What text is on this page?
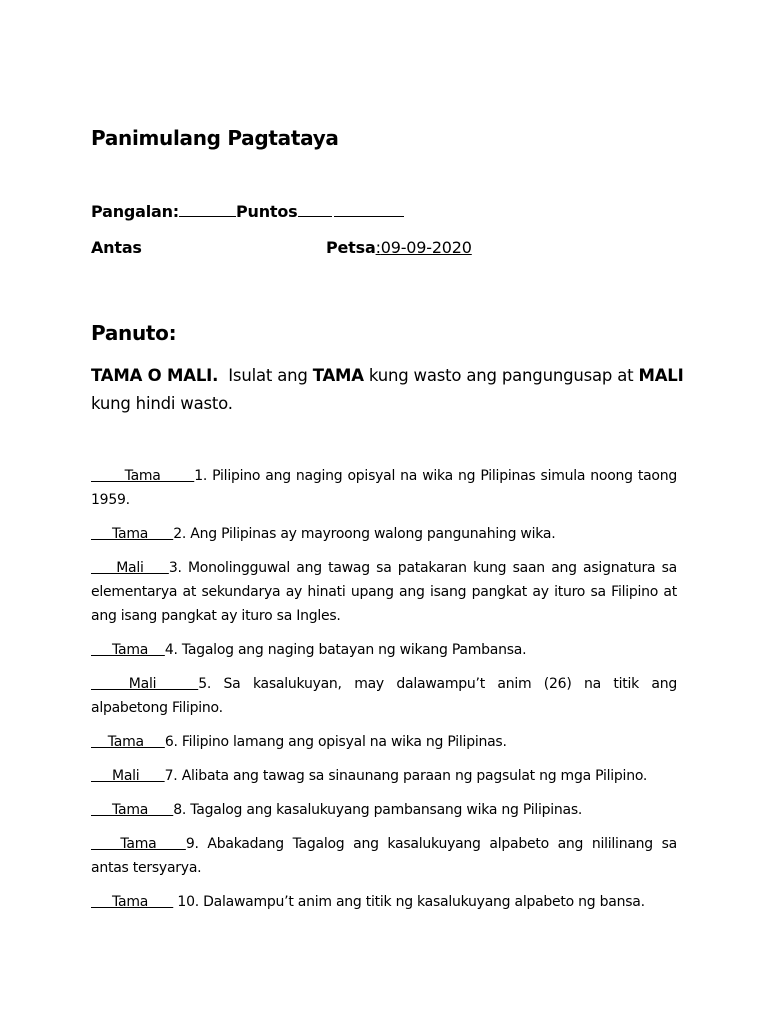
Panimulang Pagtataya
Pangalan:	Puntos
Antas	Petsa:09-09-2020
Panuto:
TAMA O MALI.  Isulat ang TAMA kung wasto ang pangungusap at MALI kung hindi wasto.
Tama        1. Pilipino ang naging opisyal na wika ng Pilipinas simula noong taong 1959.
Tama      2. Ang Pilipinas ay mayroong walong pangunahing wika.
Mali      3. Monolingguwal ang tawag sa patakaran kung saan ang asignatura sa elementarya at sekundarya ay hinati upang ang isang pangkat ay ituro sa Filipino at ang isang pangkat ay ituro sa Ingles.
Tama    4. Tagalog ang naging batayan ng wikang Pambansa.
Mali          5. Sa kasalukuyan, may dalawampu’t anim (26) na titik ang alpabetong Filipino.
Tama     6. Filipino lamang ang opisyal na wika ng Pilipinas.
Mali      7. Alibata ang tawag sa sinaunang paraan ng pagsulat ng mga Pilipino.
Tama      8. Tagalog ang kasalukuyang pambansang wika ng Pilipinas.
Tama       9. Abakadang Tagalog ang kasalukuyang alpabeto ang nililinang sa antas tersyarya.
Tama       10. Dalawampu’t anim ang titik ng kasalukuyang alpabeto ng bansa.
